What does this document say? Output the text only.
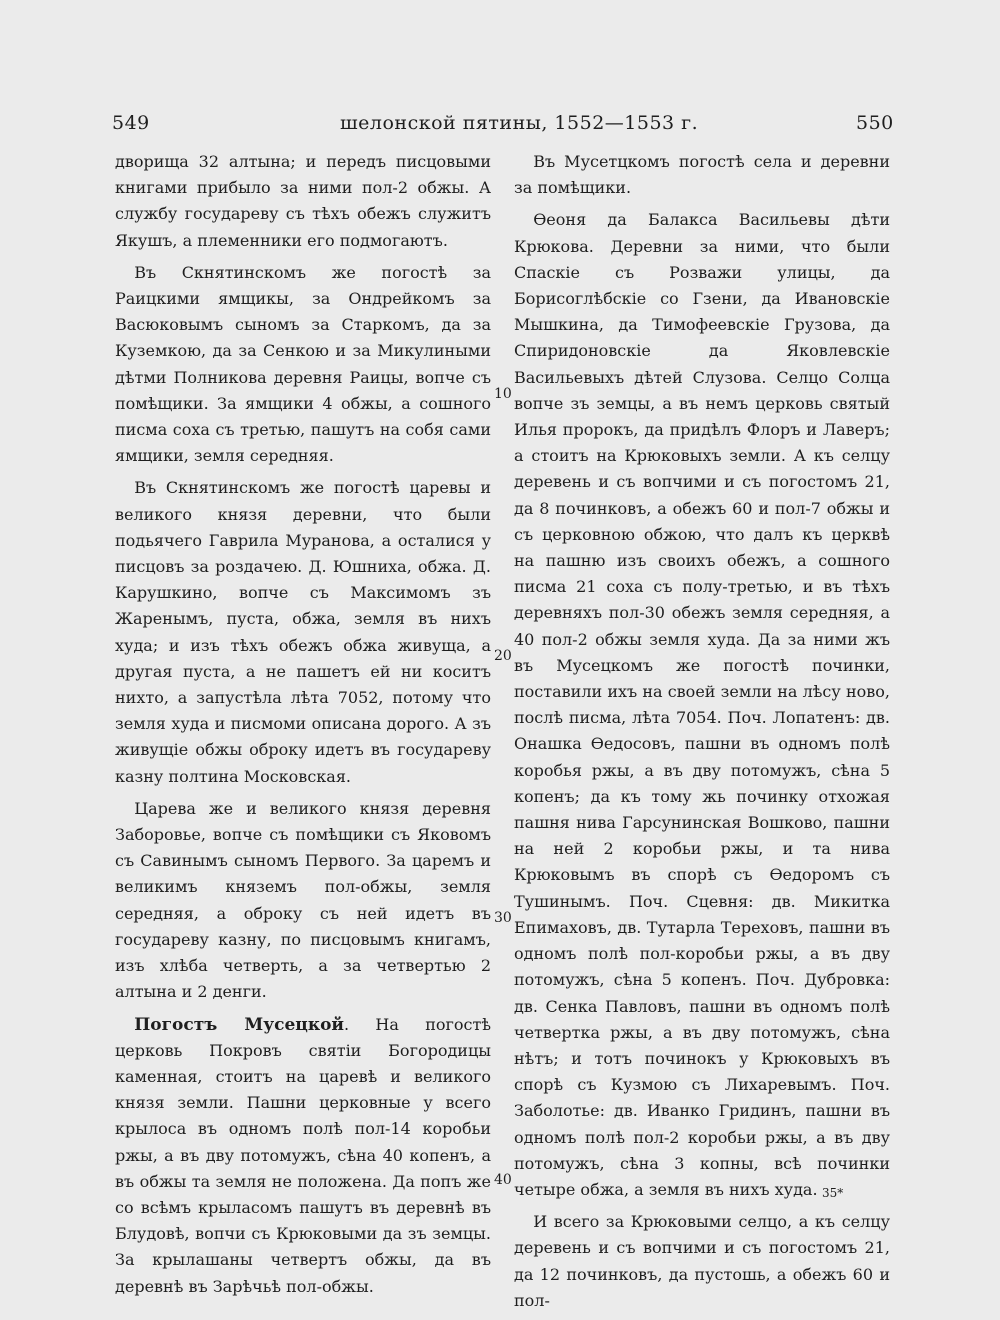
549	шелонской пятины, 1552—1553 г.	550

дворища 32 алтына; и передъ писцовыми книгами прибыло за ними пол-2 обжы. А службу государеву съ тѣхъ обежъ служитъ Якушъ, а племенники его подмогаютъ.

Въ Скнятинскомъ же погостѣ за Раицкими ямщикы, за Ондрейкомъ за Васюковымъ сыномъ за Старкомъ, да за Куземкою, да за Сенкою и за Микулиными дѣтми Полникова деревня Раицы, вопче съ помѣщики. За ямщики 4 обжы, а сошного писма соха съ третью, пашутъ на собя сами ямщики, земля середняя.

Въ Скнятинскомъ же погостѣ царевы и великого князя деревни, что были подьячего Гаврила Муранова, а осталися у писцовъ за роздачею. Д. Юшниха, обжа. Д. Карушкино, вопче съ Максимомъ зъ Жаренымъ, пуста, обжа, земля въ нихъ худа; и изъ тѣхъ обежъ обжа живуща, а другая пуста, а не пашетъ ей ни коситъ нихто, а запустѣла лѣта 7052, потому что земля худа и писмоми описана дорого. А зъ живущіе обжы оброку идетъ въ государеву казну полтина Московская.

Царева же и великого князя деревня Заборовье, вопче съ помѣщики съ Яковомъ съ Савинымъ сыномъ Первого. За царемъ и великимъ княземъ пол-обжы, земля середняя, а оброку съ ней идетъ въ государеву казну, по писцовымъ книгамъ, изъ хлѣба четверть, а за четвертью 2 алтына и 2 денги.

Погостъ Мусецкой. На погостѣ церковь Покровъ святіи Богородицы каменная, стоитъ на царевѣ и великого князя земли. Пашни церковные у всего крылоса въ одномъ полѣ пол-14 коробьи ржы, а въ дву потомужъ, сѣна 40 копенъ, а въ обжы та земля не положена. Да попъ же со всѣмъ крыласомъ пашутъ въ деревнѣ въ Блудовѣ, вопчи съ Крюковыми да зъ земцы. За крылашаны четвертъ обжы, да въ деревнѣ въ Зарѣчьѣ пол-обжы.

Въ Мусетцкомъ погостѣ села и деревни за помѣщики.

Ѳеоня да Балакса Васильевы дѣти Крюкова. Деревни за ними, что были Спаскіе съ Розважи улицы, да Борисоглѣбскіе со Гзени, да Ивановскіе Мышкина, да Тимофеевскіе Грузова, да Спиридоновскіе да Яковлевскіе Васильевыхъ дѣтей Слузова. Селцо Солца вопче зъ земцы, а въ немъ церковь святый Илья пророкъ, да придѣлъ Флоръ и Лаверъ; а стоитъ на Крюковыхъ земли. А къ селцу деревень и съ вопчими и съ погостомъ 21, да 8 починковъ, а обежъ 60 и пол-7 обжы и съ церковною обжою, что далъ къ церквѣ на пашню изъ своихъ обежъ, а сошного писма 21 соха съ полу-третью, и въ тѣхъ деревняхъ пол-30 обежъ земля середняя, а 40 пол-2 обжы земля худа. Да за ними жъ въ Мусецкомъ же погостѣ починки, поставили ихъ на своей земли на лѣсу ново, послѣ писма, лѣта 7054. Поч. Лопатенъ: дв. Онашка Ѳедосовъ, пашни въ одномъ полѣ коробья ржы, а въ дву потомужъ, сѣна 5 копенъ; да къ тому жь починку отхожая пашня нива Гарсунинская Вошково, пашни на ней 2 коробьи ржы, и та нива Крюковымъ въ спорѣ съ Ѳедоромъ съ Тушинымъ. Поч. Сцевня: дв. Микитка Епимаховъ, дв. Тутарла Тереховъ, пашни въ одномъ полѣ пол-коробьи ржы, а въ дву потомужъ, сѣна 5 копенъ. Поч. Дубровка: дв. Сенка Павловъ, пашни въ одномъ полѣ четвертка ржы, а въ дву потомужъ, сѣна нѣтъ; и тотъ починокъ у Крюковыхъ въ спорѣ съ Кузмою съ Лихаревымъ. Поч. Заболотье: дв. Иванко Гридинъ, пашни въ одномъ полѣ пол-2 коробьи ржы, а въ дву потомужъ, сѣна 3 копны, всѣ починки четыре обжа, а земля въ нихъ худа.

И всего за Крюковыми селцо, а къ селцу деревень и съ вопчими и съ погостомъ 21, да 12 починковъ, да пустошь, а обежъ 60 и пол-

10
20
30
40
35*
